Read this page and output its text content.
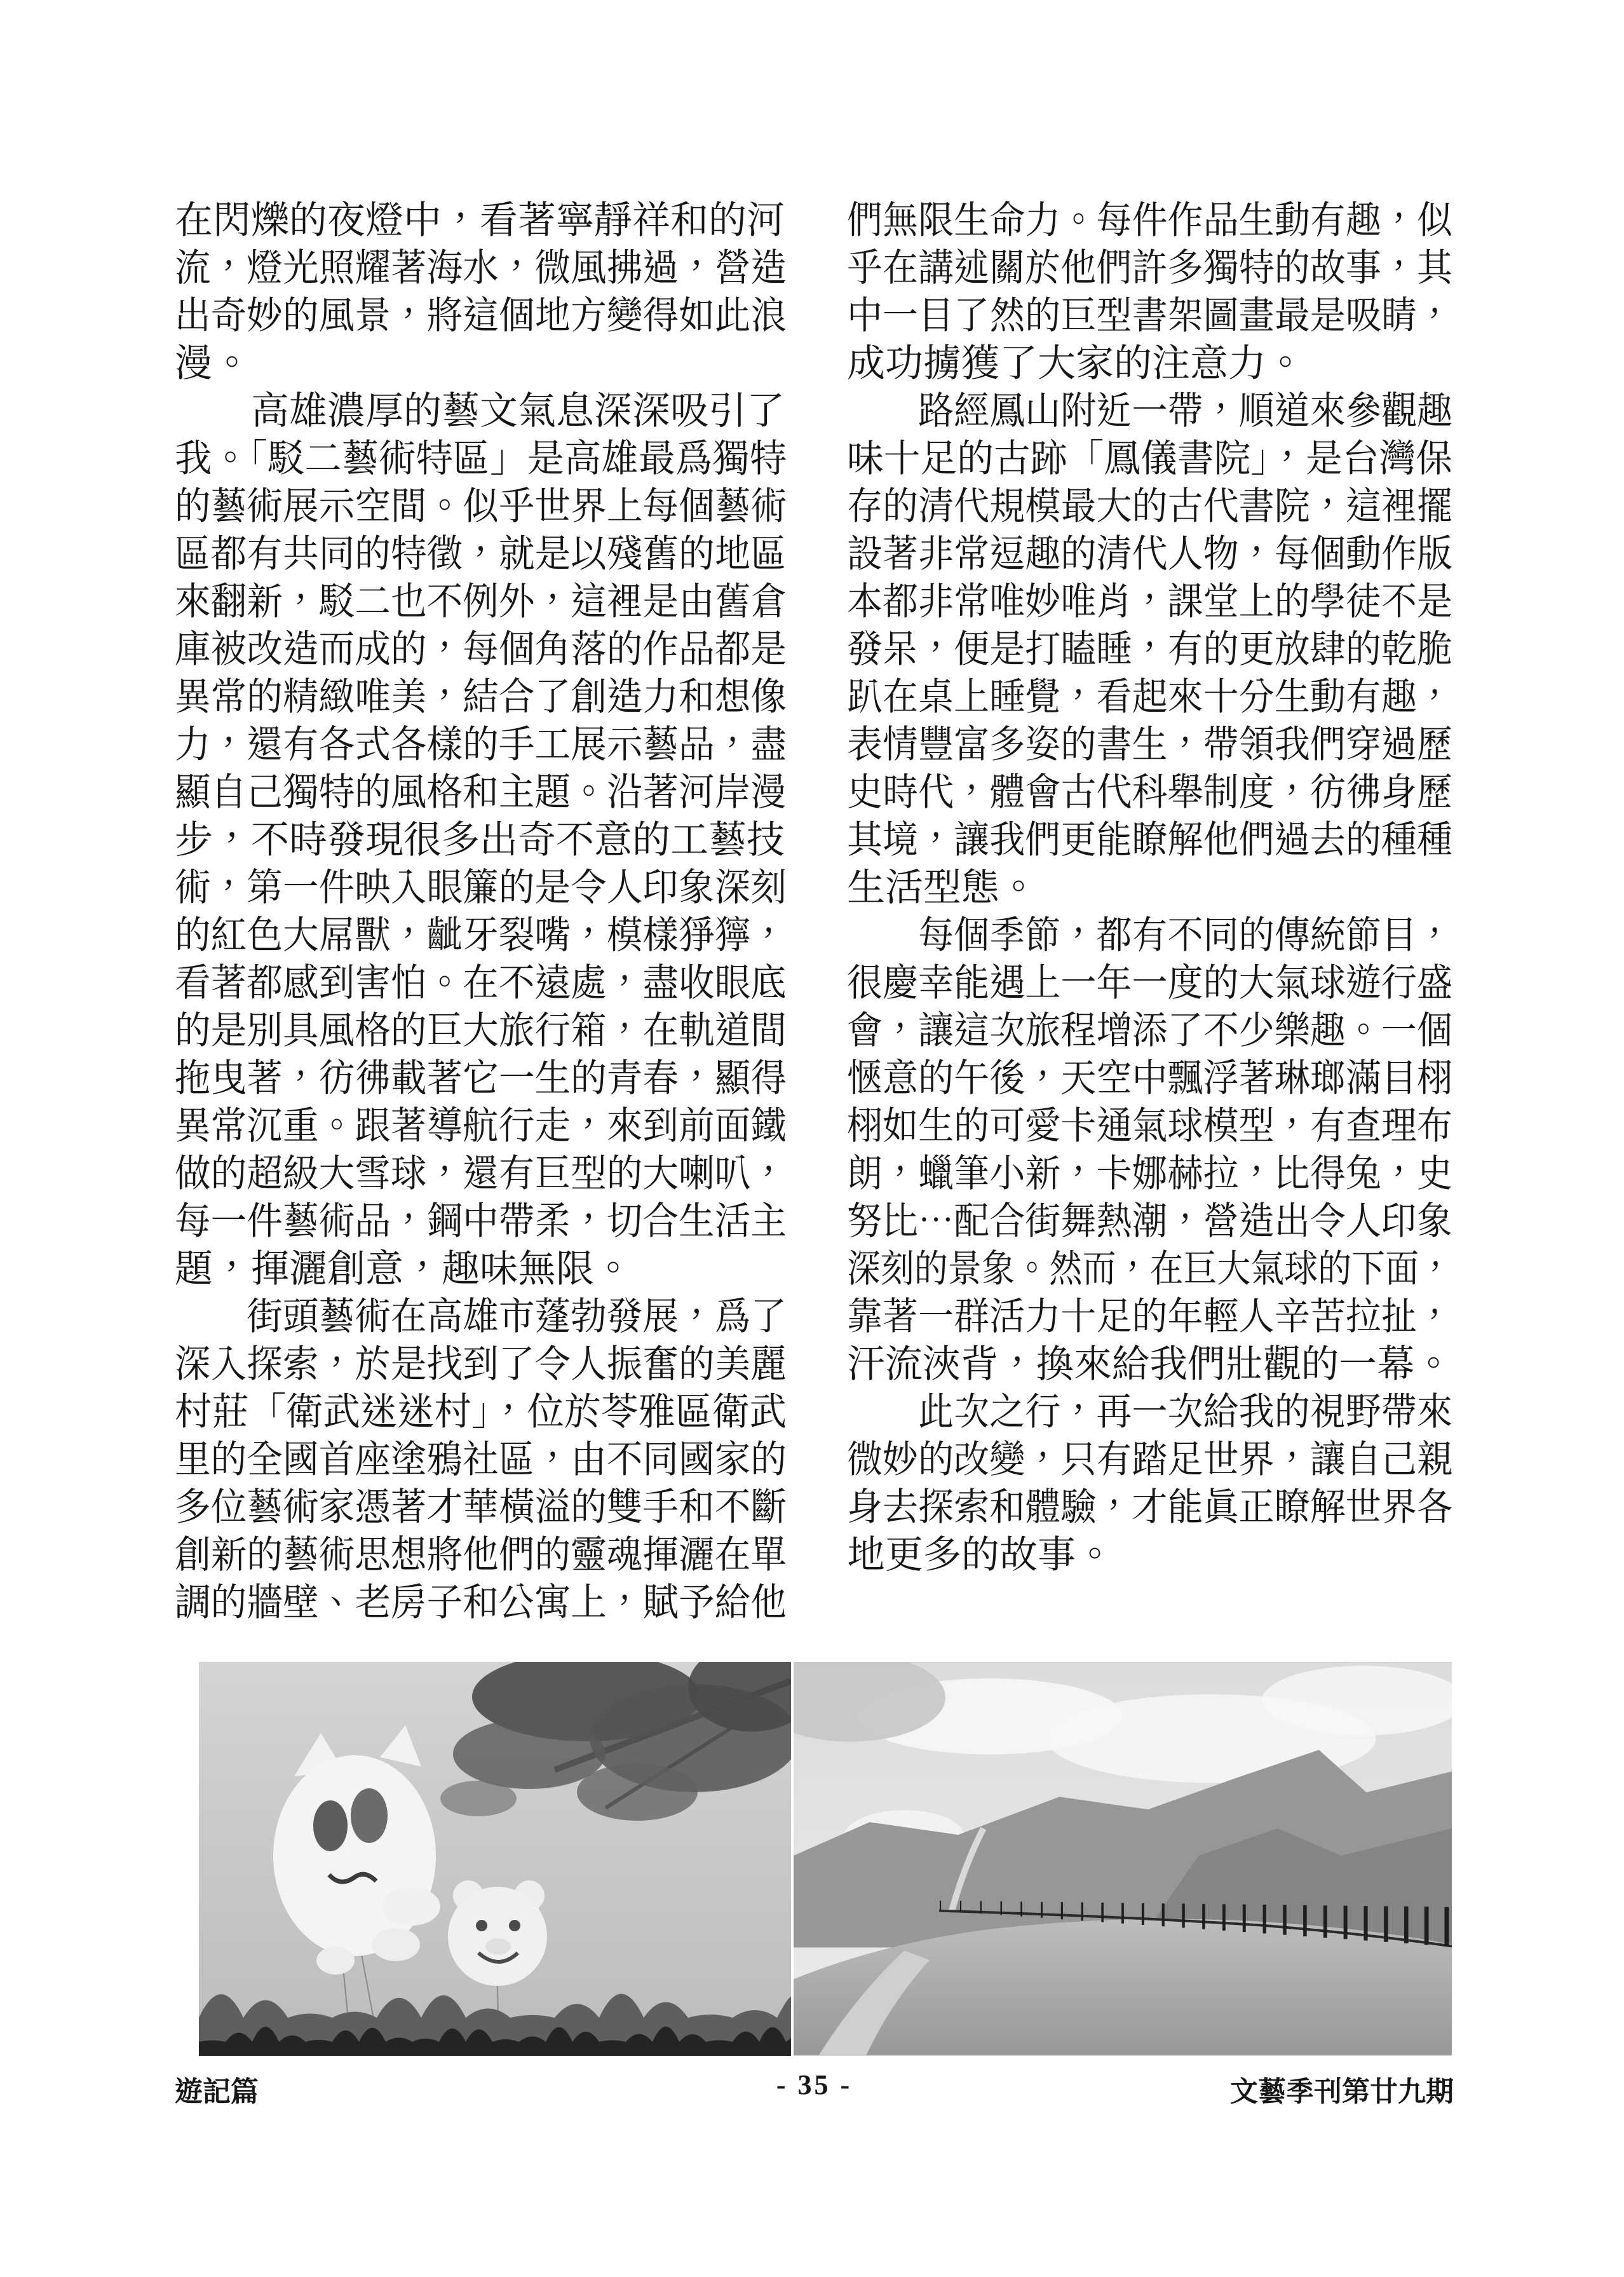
在閃爍的夜燈中，看著寧靜祥和的河
流，燈光照耀著海水，微風拂過，營造
出奇妙的風景，將這個地方變得如此浪
漫。
　　高雄濃厚的藝文氣息深深吸引了
我。「駁二藝術特區」是高雄最爲獨特
的藝術展示空間。似乎世界上每個藝術
區都有共同的特徵，就是以殘舊的地區
來翻新，駁二也不例外，這裡是由舊倉
庫被改造而成的，每個角落的作品都是
異常的精緻唯美，結合了創造力和想像
力，還有各式各樣的手工展示藝品，盡
顯自己獨特的風格和主題。沿著河岸漫
步，不時發現很多出奇不意的工藝技
術，第一件映入眼簾的是令人印象深刻
的紅色大屌獸，齜牙裂嘴，模樣猙獰，
看著都感到害怕。在不遠處，盡收眼底
的是別具風格的巨大旅行箱，在軌道間
拖曳著，彷彿載著它一生的青春，顯得
異常沉重。跟著導航行走，來到前面鐵
做的超級大雪球，還有巨型的大喇叭，
每一件藝術品，鋼中帶柔，切合生活主
題，揮灑創意，趣味無限。
　　街頭藝術在高雄市蓬勃發展，爲了
深入探索，於是找到了令人振奮的美麗
村莊「衛武迷迷村」，位於苓雅區衛武
里的全國首座塗鴉社區，由不同國家的
多位藝術家憑著才華橫溢的雙手和不斷
創新的藝術思想將他們的靈魂揮灑在單
調的牆壁、老房子和公寓上，賦予給他
們無限生命力。每件作品生動有趣，似
乎在講述關於他們許多獨特的故事，其
中一目了然的巨型書架圖畫最是吸睛，
成功擄獲了大家的注意力。
　　路經鳳山附近一帶，順道來參觀趣
味十足的古跡「鳳儀書院」，是台灣保
存的清代規模最大的古代書院，這裡擺
設著非常逗趣的清代人物，每個動作版
本都非常唯妙唯肖，課堂上的學徒不是
發呆，便是打瞌睡，有的更放肆的乾脆
趴在桌上睡覺，看起來十分生動有趣，
表情豐富多姿的書生，帶領我們穿過歷
史時代，體會古代科舉制度，彷彿身歷
其境，讓我們更能瞭解他們過去的種種
生活型態。
　　每個季節，都有不同的傳統節目，
很慶幸能遇上一年一度的大氣球遊行盛
會，讓這次旅程增添了不少樂趣。一個
愜意的午後，天空中飄浮著琳瑯滿目栩
栩如生的可愛卡通氣球模型，有查理布
朗，蠟筆小新，卡娜赫拉，比得兔，史
努比⋯配合街舞熱潮，營造出令人印象
深刻的景象。然而，在巨大氣球的下面，
靠著一群活力十足的年輕人辛苦拉扯，
汗流浹背，換來給我們壯觀的一幕。
　　此次之行，再一次給我的視野帶來
微妙的改變，只有踏足世界，讓自己親
身去探索和體驗，才能眞正瞭解世界各
地更多的故事。
遊記篇	- 35 -	文藝季刊第廿九期
